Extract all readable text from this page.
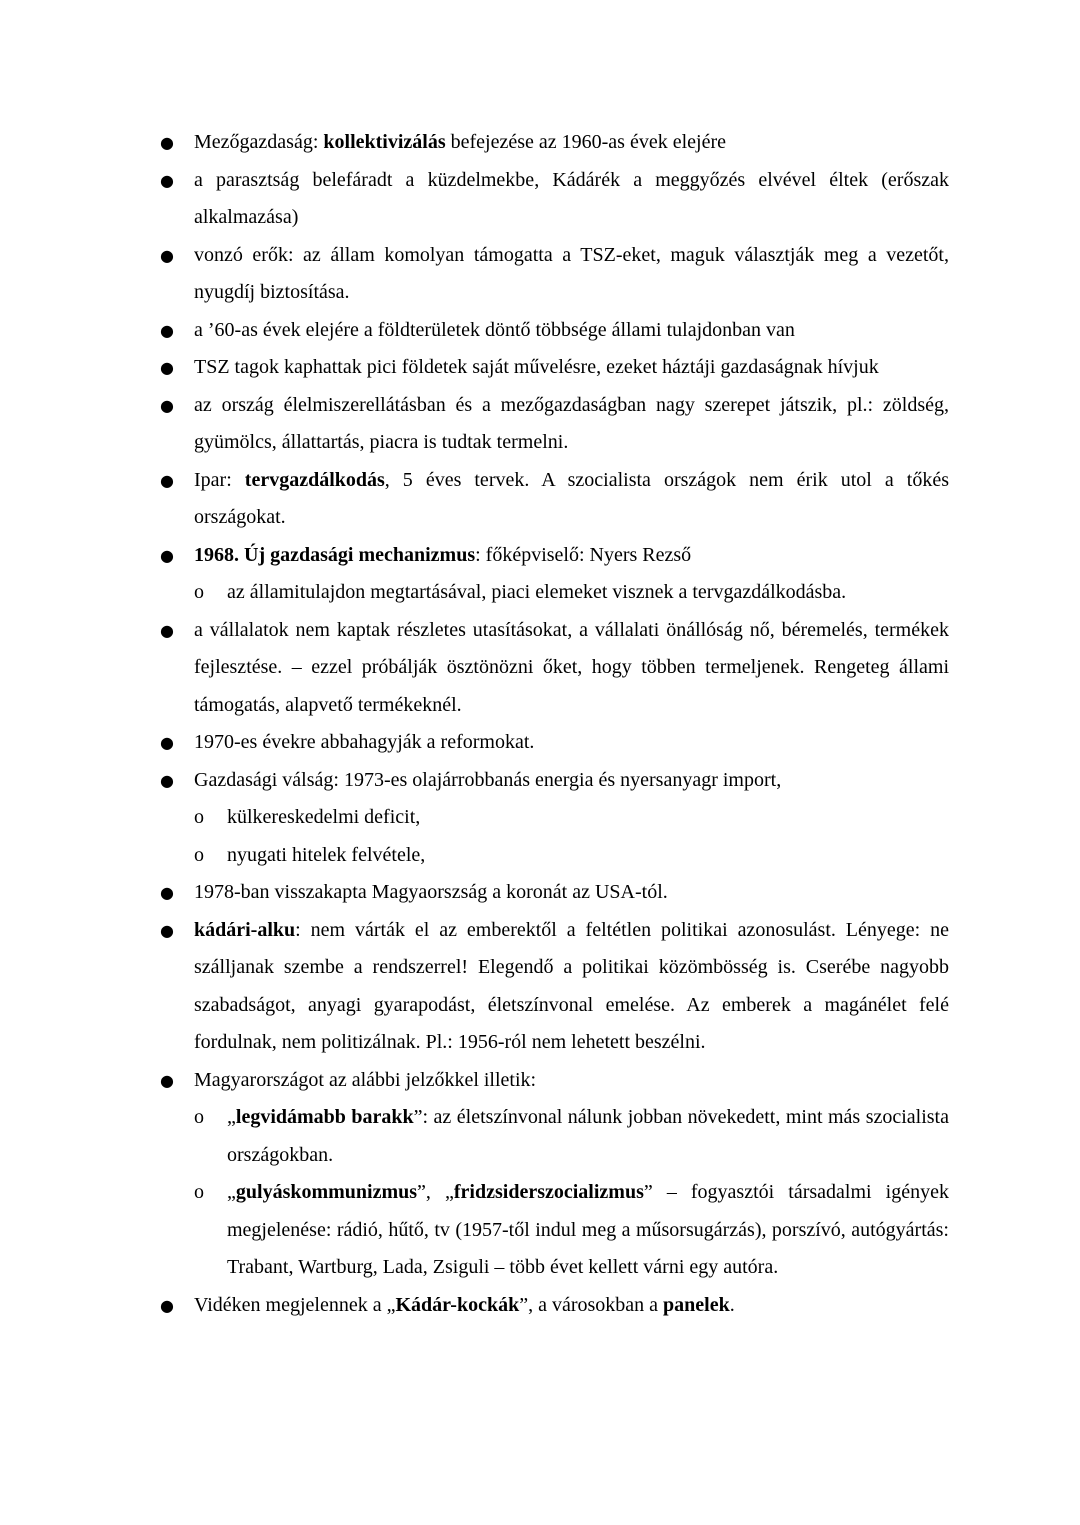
●	Mezőgazdaság: kollektivizálás befejezése az 1960-as évek elejére
●	a parasztság belefáradt a küzdelmekbe, Kádárék a meggyőzés elvével éltek (erőszak alkalmazása)
●	vonzó erők: az állam komolyan támogatta a TSZ-eket, maguk választják meg a vezetőt, nyugdíj biztosítása.
●	a ’60-as évek elejére a földterületek döntő többsége állami tulajdonban van
●	TSZ tagok kaphattak pici földetek saját művelésre, ezeket háztáji gazdaságnak hívjuk
●	az ország élelmiszerellátásban és a mezőgazdaságban nagy szerepet játszik, pl.: zöldség, gyümölcs, állattartás, piacra is tudtak termelni.
●	Ipar: tervgazdálkodás, 5 éves tervek. A szocialista országok nem érik utol a tőkés országokat.
●	1968. Új gazdasági mechanizmus: főképviselő: Nyers Rezső
o	az államitulajdon megtartásával, piaci elemeket visznek a tervgazdálkodásba.
●	a vállalatok nem kaptak részletes utasításokat, a vállalati önállóság nő, béremelés, termékek fejlesztése. – ezzel próbálják ösztönözni őket, hogy többen termeljenek. Rengeteg állami támogatás, alapvető termékeknél.
●	1970-es évekre abbahagyják a reformokat.
●	Gazdasági válság: 1973-es olajárrobbanás energia és nyersanyagr import,
o	külkereskedelmi deficit,
o	nyugati hitelek felvétele,
●	1978-ban visszakapta Magyaorszság a koronát az USA-tól.
●	kádári-alku: nem várták el az emberektől a feltétlen politikai azonosulást. Lényege: ne szálljanak szembe a rendszerrel! Elegendő a politikai közömbösség is. Cserébe nagyobb szabadságot, anyagi gyarapodást, életszínvonal emelése. Az emberek a magánélet felé fordulnak, nem politizálnak. Pl.: 1956-ról nem lehetett beszélni.
●	Magyarországot az alábbi jelzőkkel illetik:
o	„legvidámabb barakk”: az életszínvonal nálunk jobban növekedett, mint más szocialista országokban.
o	„gulyáskommunizmus”, „fridzsiderszocializmus” – fogyasztói társadalmi igények megjelenése: rádió, hűtő, tv (1957-től indul meg a műsorsugárzás), porszívó, autógyártás: Trabant, Wartburg, Lada, Zsiguli – több évet kellett várni egy autóra.
●	Vidéken megjelennek a „Kádár-kockák”, a városokban a panelek.
